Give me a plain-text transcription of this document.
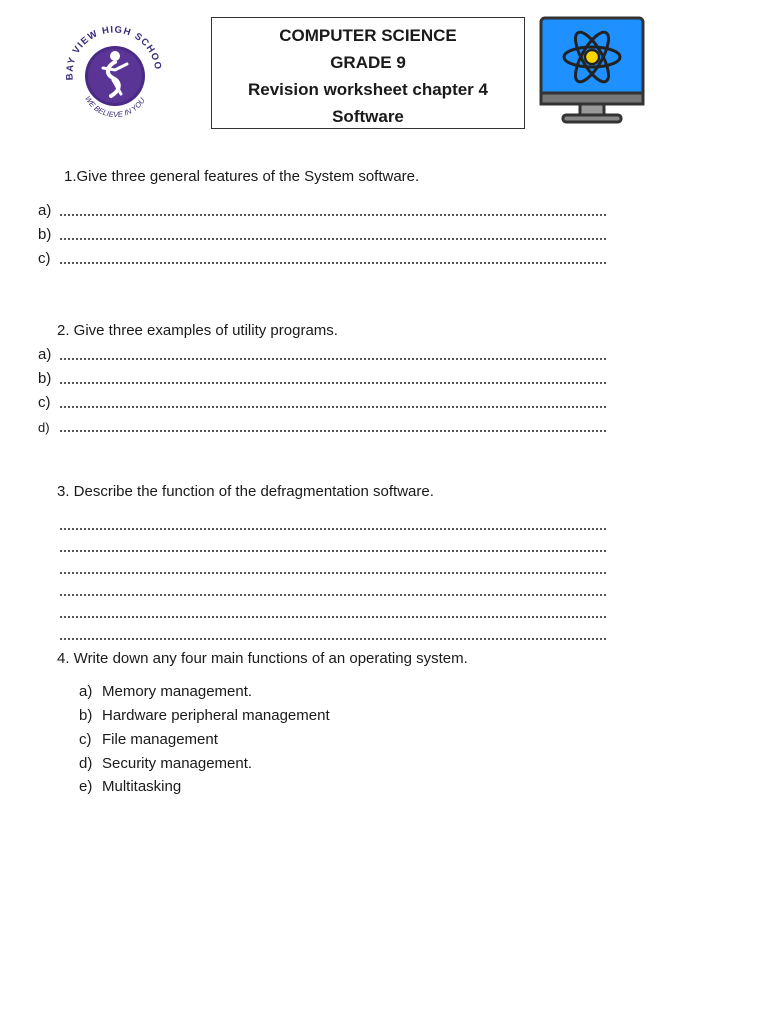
BAY VIEW HIGH SCHOO
WE BELIEVE IN YOU
COMPUTER SCIENCE
GRADE 9
Revision worksheet chapter 4
Software
1.Give three general features of the System software.
a)
b)
c)
2. Give three examples of utility programs.
a)
b)
c)
d)
3. Describe the function of the defragmentation software.
4. Write down any four main functions of an operating system.
a) Memory management.
b) Hardware peripheral management
c) File management
d) Security management.
e) Multitasking
